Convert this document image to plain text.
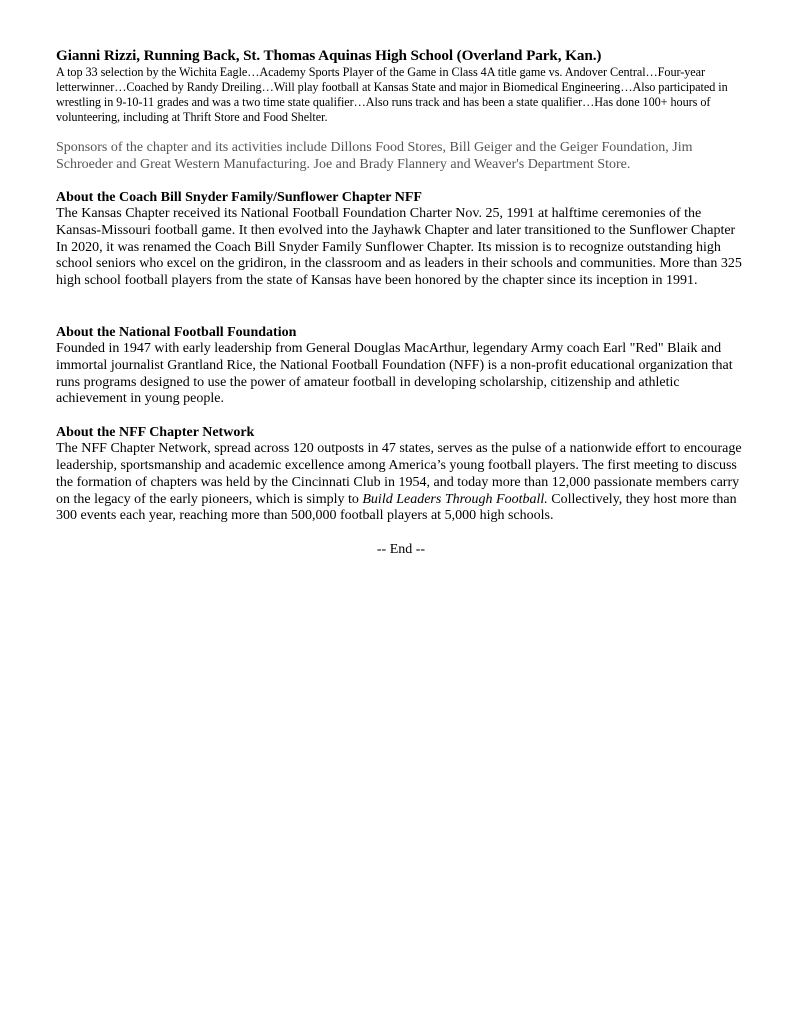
Gianni Rizzi, Running Back, St. Thomas Aquinas High School (Overland Park, Kan.)

A top 33 selection by the Wichita Eagle…Academy Sports Player of the Game in Class 4A title game vs. Andover Central…Four-year letterwinner…Coached by Randy Dreiling…Will play football at Kansas State and major in Biomedical Engineering…Also participated in wrestling in 9-10-11 grades and was a two time state qualifier…Also runs track and has been a state qualifier…Has done 100+ hours of volunteering, including at Thrift Store and Food Shelter.

Sponsors of the chapter and its activities include Dillons Food Stores, Bill Geiger and the Geiger Foundation, Jim Schroeder and Great Western Manufacturing. Joe and Brady Flannery and Weaver's Department Store.

About the Coach Bill Snyder Family/Sunflower Chapter NFF

The Kansas Chapter received its National Football Foundation Charter Nov. 25, 1991 at halftime ceremonies of the Kansas-Missouri football game. It then evolved into the Jayhawk Chapter and later transitioned to the Sunflower Chapter In 2020, it was renamed the Coach Bill Snyder Family Sunflower Chapter. Its mission is to recognize outstanding high school seniors who excel on the gridiron, in the classroom and as leaders in their schools and communities. More than 325 high school football players from the state of Kansas have been honored by the chapter since its inception in 1991.

About the National Football Foundation

Founded in 1947 with early leadership from General Douglas MacArthur, legendary Army coach Earl "Red" Blaik and immortal journalist Grantland Rice, the National Football Foundation (NFF) is a non-profit educational organization that runs programs designed to use the power of amateur football in developing scholarship, citizenship and athletic achievement in young people.

About the NFF Chapter Network

The NFF Chapter Network, spread across 120 outposts in 47 states, serves as the pulse of a nationwide effort to encourage leadership, sportsmanship and academic excellence among America’s young football players. The first meeting to discuss the formation of chapters was held by the Cincinnati Club in 1954, and today more than 12,000 passionate members carry on the legacy of the early pioneers, which is simply to Build Leaders Through Football. Collectively, they host more than 300 events each year, reaching more than 500,000 football players at 5,000 high schools.

-- End --
